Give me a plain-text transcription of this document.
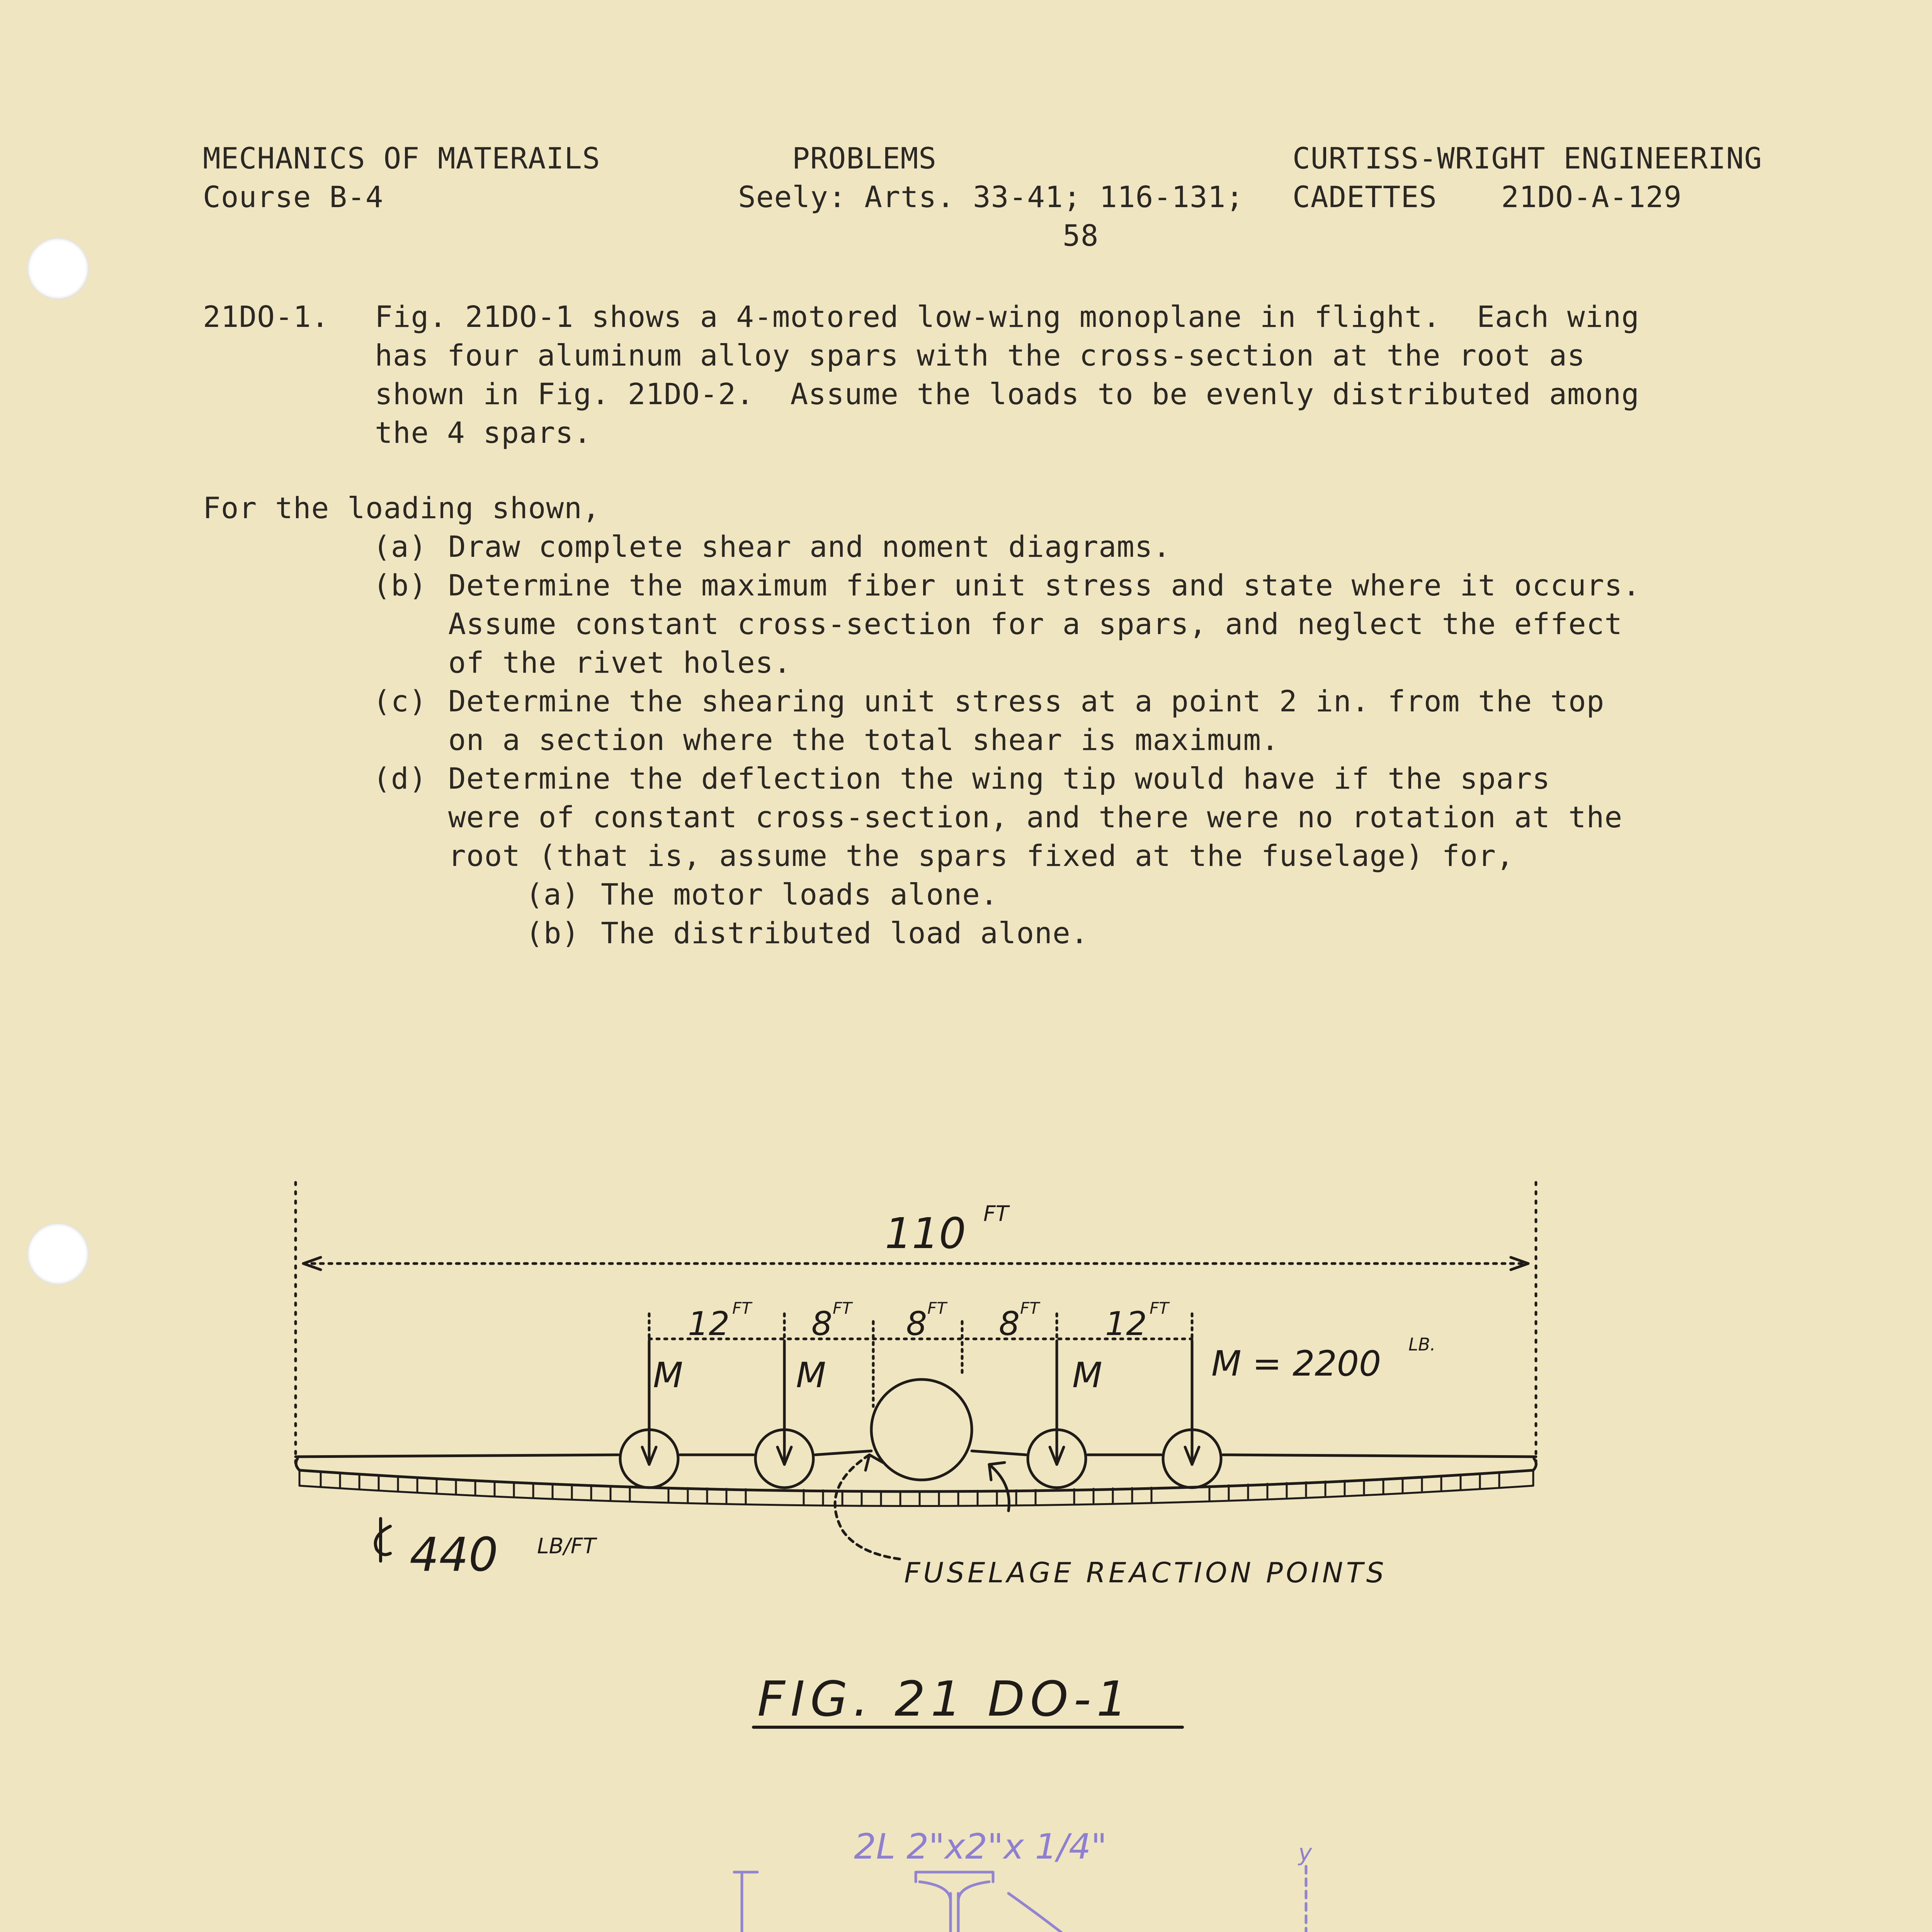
MECHANICS OF MATERAILS
Course B-4
PROBLEMS
Seely: Arts. 33-41; 116-131;
58
CURTISS-WRIGHT ENGINEERING
CADETTES 21DO-A-129
21DO-1. Fig. 21DO-1 shows a 4-motored low-wing monoplane in flight.  Each wing
has four aluminum alloy spars with the cross-section at the root as
shown in Fig. 21DO-2.  Assume the loads to be evenly distributed among
the 4 spars.
For the loading shown,
(a) Draw complete shear and noment diagrams.
(b) Determine the maximum fiber unit stress and state where it occurs.
Assume constant cross-section for a spars, and neglect the effect
of the rivet holes.
(c) Determine the shearing unit stress at a point 2 in. from the top
on a section where the total shear is maximum.
(d) Determine the deflection the wing tip would have if the spars
were of constant cross-section, and there were no rotation at the
root (that is, assume the spars fixed at the fuselage) for,
(a) The motor loads alone.
(b) The distributed load alone.
110 FT
12 FT 8 FT 8 FT 8 FT 12 FT
M	M	M	M = 2200 LB.
440 LB/FT
FUSELAGE REACTION POINTS
FIG. 21 DO-1
2L 2"x2"x 1/4"	y
